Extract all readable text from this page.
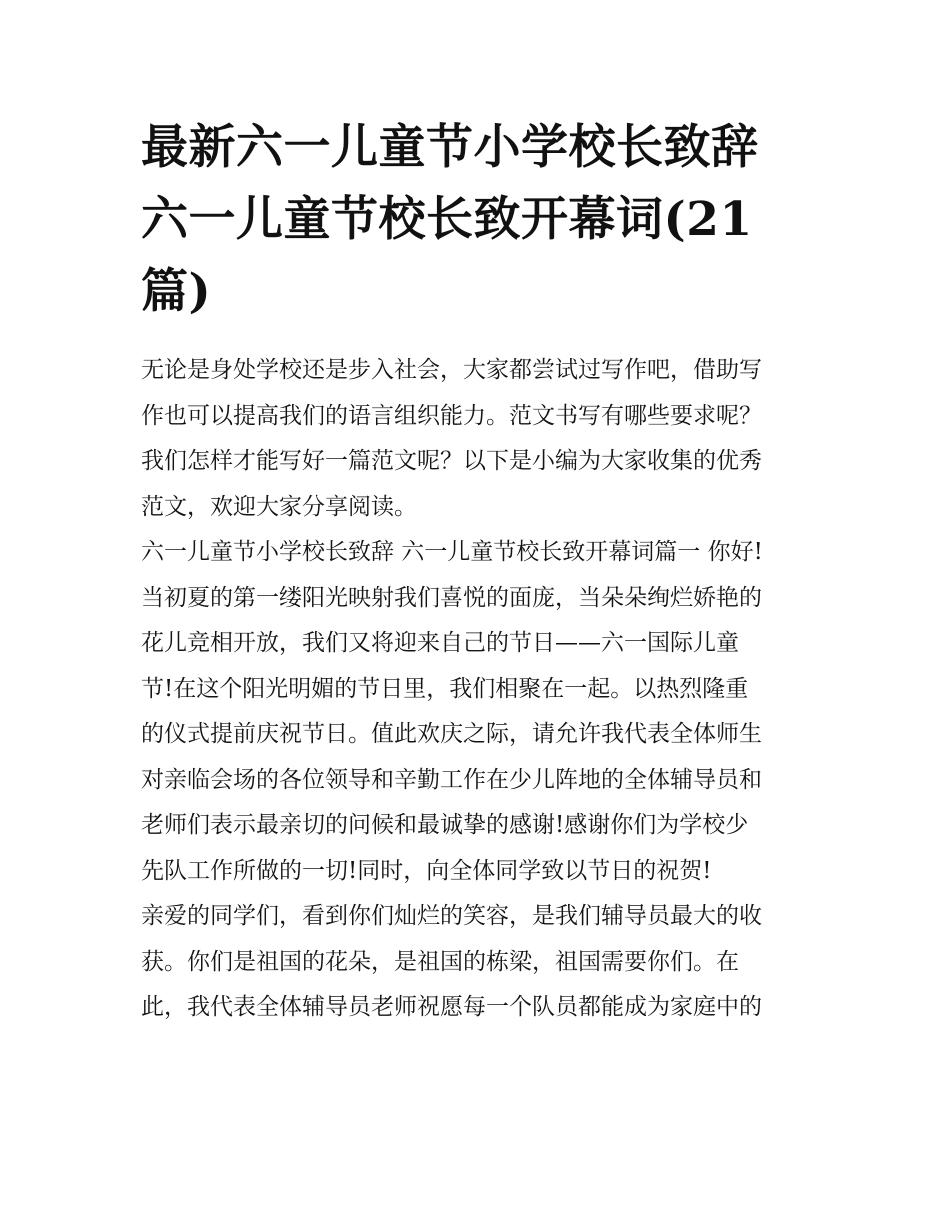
最新六一儿童节小学校长致辞
六一儿童节校长致开幕词(21
篇)
无论是身处学校还是步入社会，大家都尝试过写作吧，借助写
作也可以提高我们的语言组织能力。范文书写有哪些要求呢？
我们怎样才能写好一篇范文呢？以下是小编为大家收集的优秀
范文，欢迎大家分享阅读。
六一儿童节小学校长致辞 六一儿童节校长致开幕词篇一 你好!
当初夏的第一缕阳光映射我们喜悦的面庞，当朵朵绚烂娇艳的
花儿竞相开放，我们又将迎来自己的节日——六一国际儿童
节!在这个阳光明媚的节日里，我们相聚在一起。以热烈隆重
的仪式提前庆祝节日。值此欢庆之际，请允许我代表全体师生
对亲临会场的各位领导和辛勤工作在少儿阵地的全体辅导员和
老师们表示最亲切的问候和最诚挚的感谢!感谢你们为学校少
先队工作所做的一切!同时，向全体同学致以节日的祝贺!
亲爱的同学们，看到你们灿烂的笑容，是我们辅导员最大的收
获。你们是祖国的花朵，是祖国的栋梁，祖国需要你们。在
此，我代表全体辅导员老师祝愿每一个队员都能成为家庭中的
